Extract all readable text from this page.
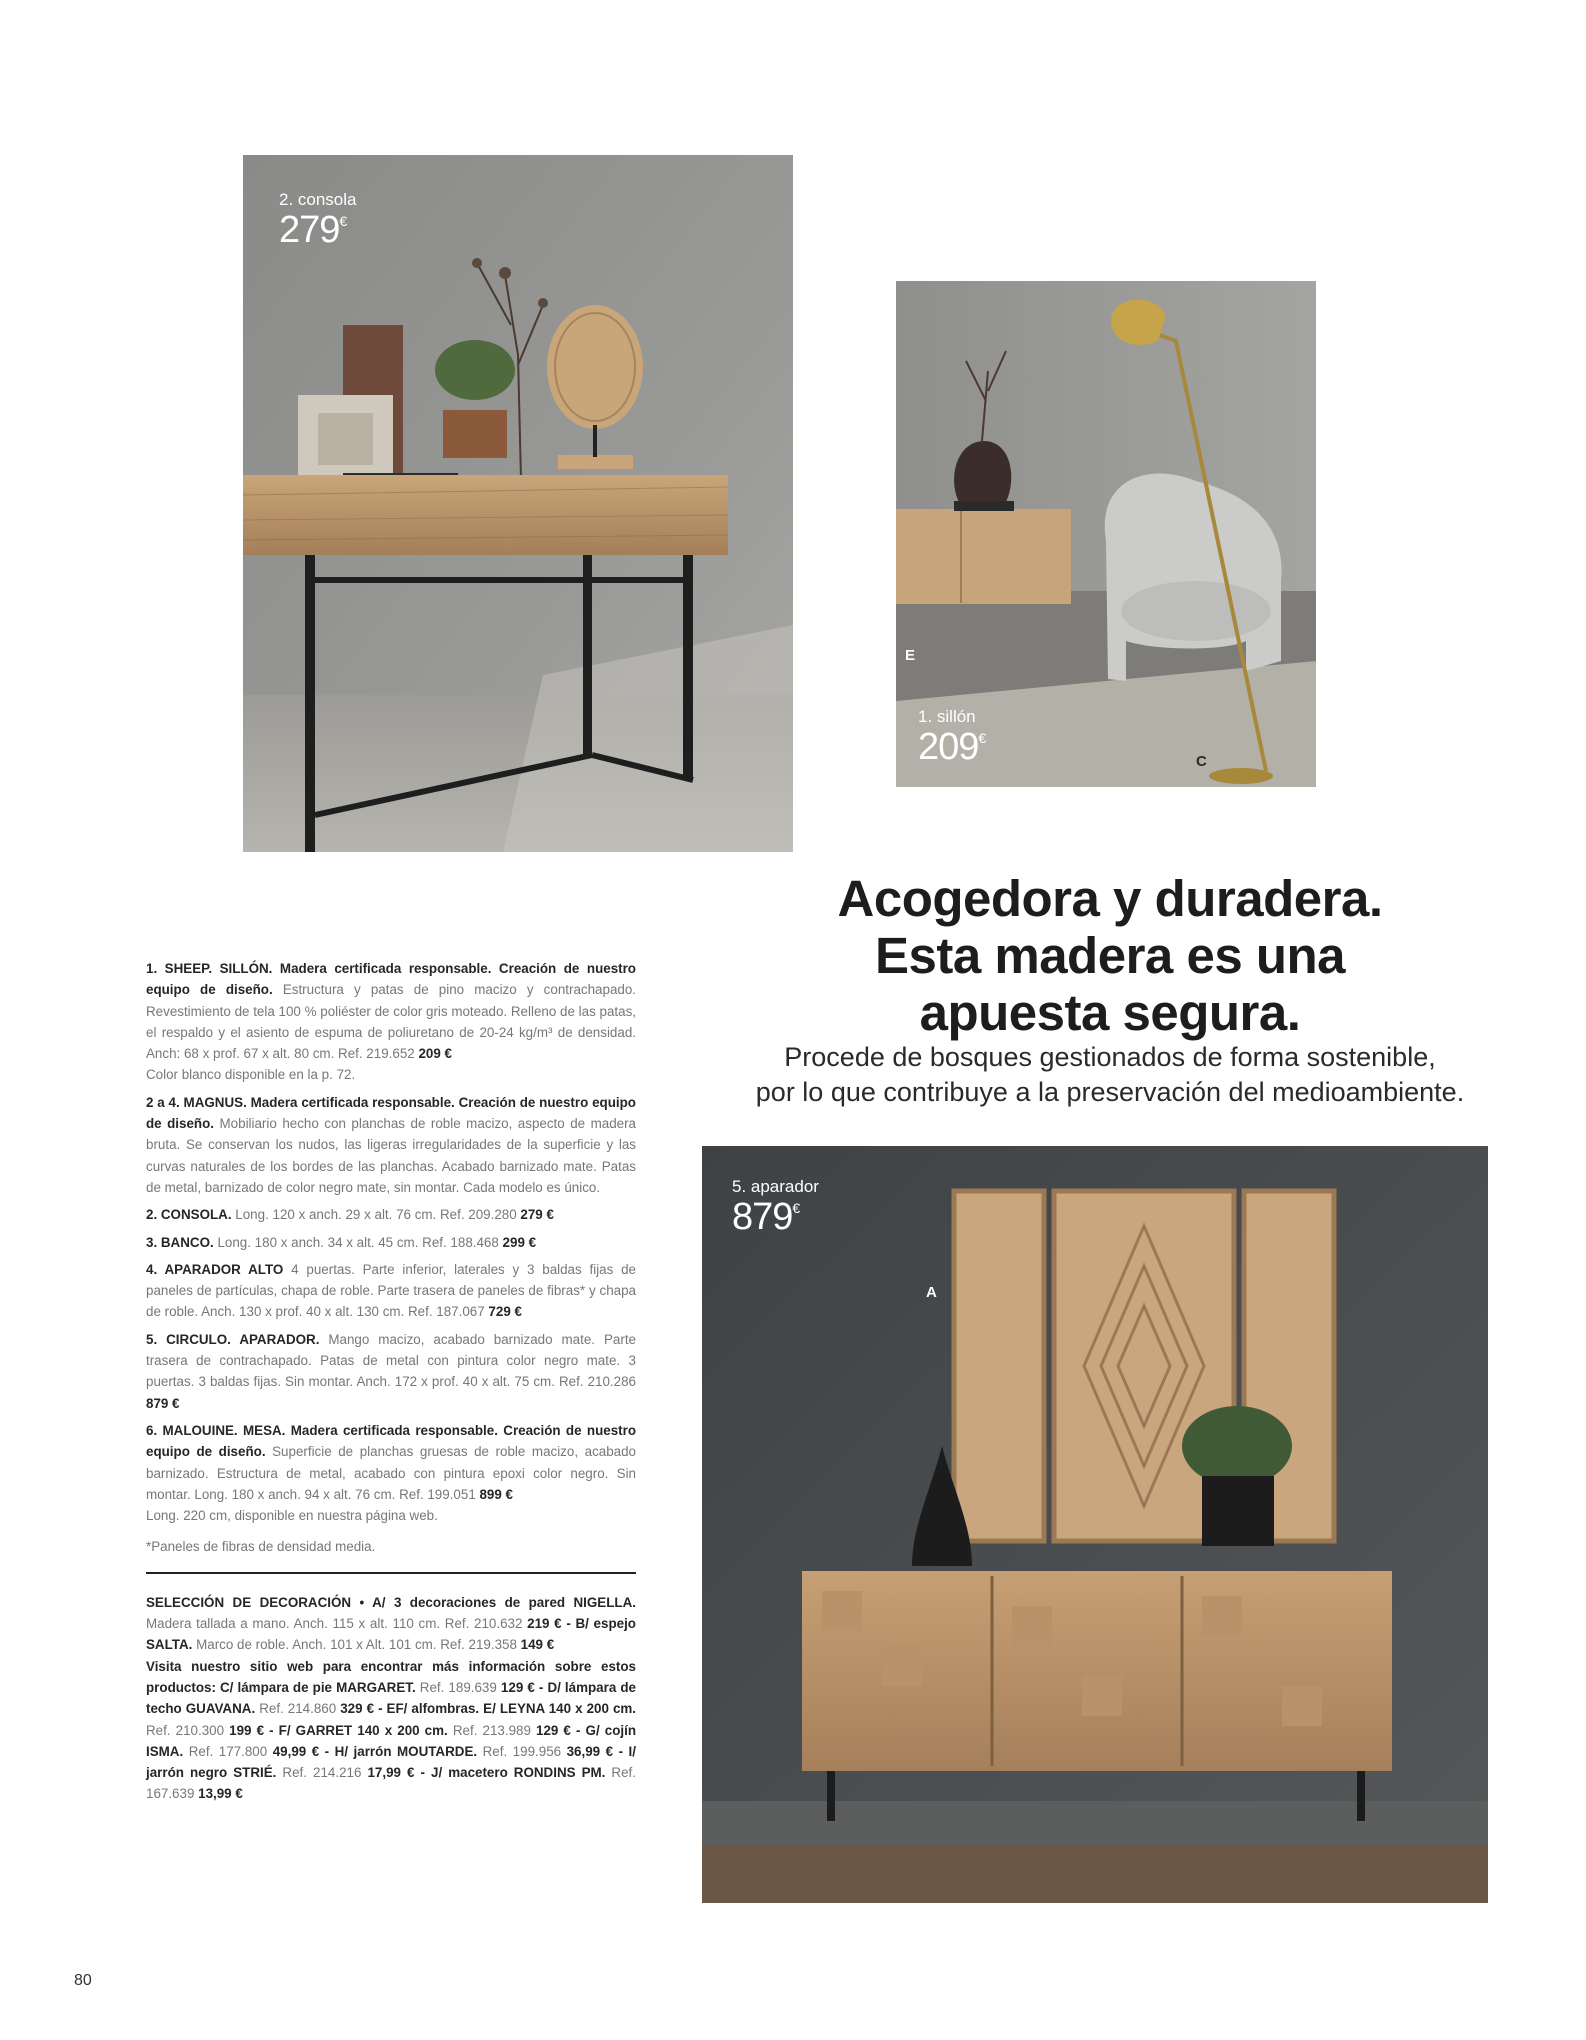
2. consola
279€
E
C
1. sillón
209€
Acogedora y duradera.
Esta madera es una
apuesta segura.
Procede de bosques gestionados de forma sostenible,
por lo que contribuye a la preservación del medioambiente.
A
5. aparador
879€

1. SHEEP. SILLÓN. Madera certificada responsable. Creación de nuestro equipo de diseño. Estructura y patas de pino macizo y contrachapado. Revestimiento de tela 100 % poliéster de color gris moteado. Relleno de las patas, el respaldo y el asiento de espuma de poliuretano de 20-24 kg/m³ de densidad. Anch: 68 x prof. 67 x alt. 80 cm. Ref. 219.652 209 €
Color blanco disponible en la p. 72.

2 a 4. MAGNUS. Madera certificada responsable. Creación de nuestro equipo de diseño. Mobiliario hecho con planchas de roble macizo, aspecto de madera bruta. Se conservan los nudos, las ligeras irregularidades de la superficie y las curvas naturales de los bordes de las planchas. Acabado barnizado mate. Patas de metal, barnizado de color negro mate, sin montar. Cada modelo es único.

2. CONSOLA. Long. 120 x anch. 29 x alt. 76 cm. Ref. 209.280 279 €

3. BANCO. Long. 180 x anch. 34 x alt. 45 cm. Ref. 188.468 299 €

4. APARADOR ALTO 4 puertas. Parte inferior, laterales y 3 baldas fijas de paneles de partículas, chapa de roble. Parte trasera de paneles de fibras* y chapa de roble. Anch. 130 x prof. 40 x alt. 130 cm. Ref. 187.067 729 €

5. CIRCULO. APARADOR. Mango macizo, acabado barnizado mate. Parte trasera de contrachapado. Patas de metal con pintura color negro mate. 3 puertas. 3 baldas fijas. Sin montar. Anch. 172 x prof. 40 x alt. 75 cm. Ref. 210.286 879 €

6. MALOUINE. MESA. Madera certificada responsable. Creación de nuestro equipo de diseño. Superficie de planchas gruesas de roble macizo, acabado barnizado. Estructura de metal, acabado con pintura epoxi color negro. Sin montar. Long. 180 x anch. 94 x alt. 76 cm. Ref. 199.051 899 €
Long. 220 cm, disponible en nuestra página web.

*Paneles de fibras de densidad media.

SELECCIÓN DE DECORACIÓN • A/ 3 decoraciones de pared NIGELLA. Madera tallada a mano. Anch. 115 x alt. 110 cm. Ref. 210.632 219 € - B/ espejo SALTA. Marco de roble. Anch. 101 x Alt. 101 cm. Ref. 219.358 149 €
Visita nuestro sitio web para encontrar más información sobre estos productos: C/ lámpara de pie MARGARET. Ref. 189.639 129 € - D/ lámpara de techo GUAVANA. Ref. 214.860 329 € - EF/ alfombras. E/ LEYNA 140 x 200 cm. Ref. 210.300 199 € - F/ GARRET 140 x 200 cm. Ref. 213.989 129 € - G/ cojín ISMA. Ref. 177.800 49,99 € - H/ jarrón MOUTARDE. Ref. 199.956 36,99 € - I/ jarrón negro STRIÉ. Ref. 214.216 17,99 € - J/ macetero RONDINS PM. Ref. 167.639 13,99 €

80
